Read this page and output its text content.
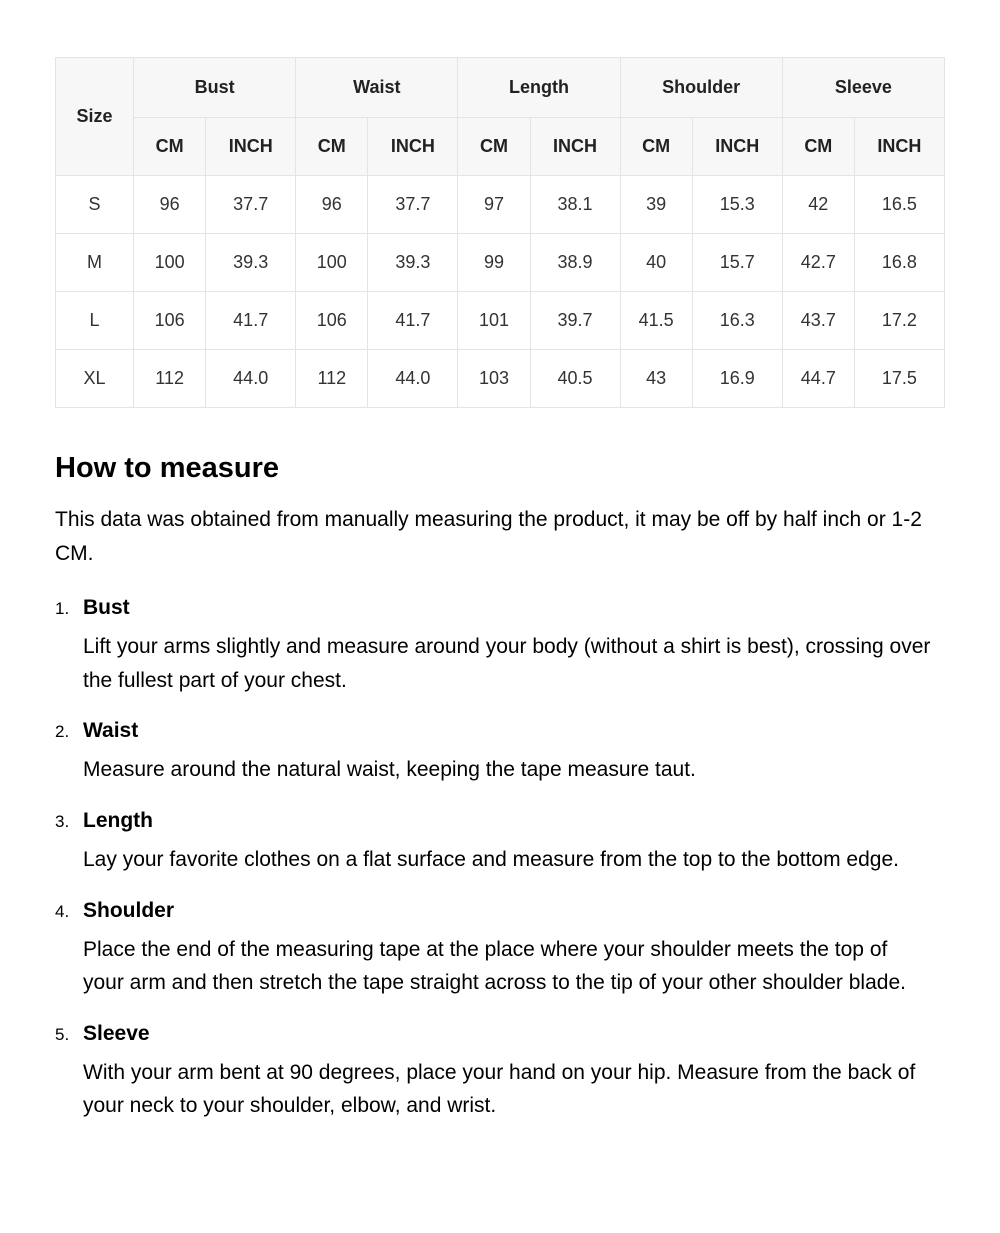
Size	Bust		Waist		Length		Shoulder		Sleeve	
	CM	INCH	CM	INCH	CM	INCH	CM	INCH	CM	INCH
S	96	37.7	96	37.7	97	38.1	39	15.3	42	16.5
M	100	39.3	100	39.3	99	38.9	40	15.7	42.7	16.8
L	106	41.7	106	41.7	101	39.7	41.5	16.3	43.7	17.2
XL	112	44.0	112	44.0	103	40.5	43	16.9	44.7	17.5
How to measure

This data was obtained from manually measuring the product, it may be off by half inch or 1-2 CM.

1. Bust
Lift your arms slightly and measure around your body (without a shirt is best), crossing over the fullest part of your chest.
2. Waist
Measure around the natural waist, keeping the tape measure taut.
3. Length
Lay your favorite clothes on a flat surface and measure from the top to the bottom edge.
4. Shoulder
Place the end of the measuring tape at the place where your shoulder meets the top of your arm and then stretch the tape straight across to the tip of your other shoulder blade.
5. Sleeve
With your arm bent at 90 degrees, place your hand on your hip. Measure from the back of your neck to your shoulder, elbow, and wrist.
